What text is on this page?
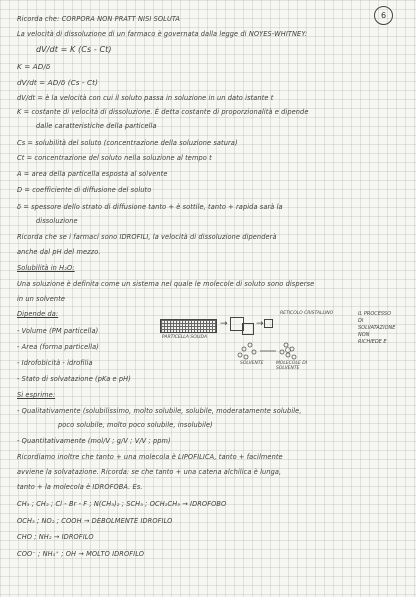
6
Ricorda che: CORPORA NON PRATT NISI SOLUTA
La velocità di dissoluzione di un farmaco è governata dalla legge di NOYES-WHITNEY:
dV/dt = K (Cs - Ct)
K = AD/δ
dV/dt = AD/δ (Cs - Ct)
dV/dt = è la velocità con cui il soluto passa in soluzione in un dato istante t
K = costante di velocità di dissoluzione. È detta costante di proporzionalità e dipende
dalle caratteristiche della particella
Cs = solubilità del soluto (concentrazione della soluzione satura)
Ct = concentrazione del soluto nella soluzione al tempo t
A = area della particella esposta al solvente
D = coefficiente di diffusione del soluto
δ = spessore dello strato di diffusione tanto + è sottile, tanto + rapida sarà la
dissoluzione
Ricorda che se i farmaci sono IDROFILI, la velocità di dissoluzione dipenderà
anche dal pH del mezzo.
Solubilità in H₂O:
Una soluzione è definita come un sistema nel quale le molecole di soluto sono disperse
in un solvente
Dipende da:
- Volume (PM particella)
- Area (forma particella)
- Idrofobicità - idrofilia
- Stato di solvatazione (pKa e pH)
Si esprime:
- Qualitativamente (solubilissimo, molto solubile, solubile, moderatamente solubile,
poco solubile, molto poco solubile, insolubile)
- Quantitativamente (mol/V ; g/V ; V/V ; ppm)
Ricordiamo inoltre che tanto + una molecola è LIPOFILICA, tanto + facilmente
avviene la solvatazione. Ricorda: se che tanto + una catena alchilica è lunga,
tanto + la molecola è IDROFOBA. Es.
CH₃ ; CH₂ ; Cl - Br - F ; N(CH₃)₂ ; SCH₃ ; OCH₂CH₃ → IDROFOBO
OCH₃ ; NO₂ ; COOH → DEBOLMENTE IDROFILO
CHO ; NH₂ → IDROFILO
COO⁻ ; NH₃⁺ ; OH → MOLTO IDROFILO
PARTICELLA SOLIDA
→	→
RETICOLO CRISTALLINO
SOLVENTE	MOLECOLE DI SOLVENTE
IL PROCESSO DI SOLVATAZIONE NON RICHIEDE E
